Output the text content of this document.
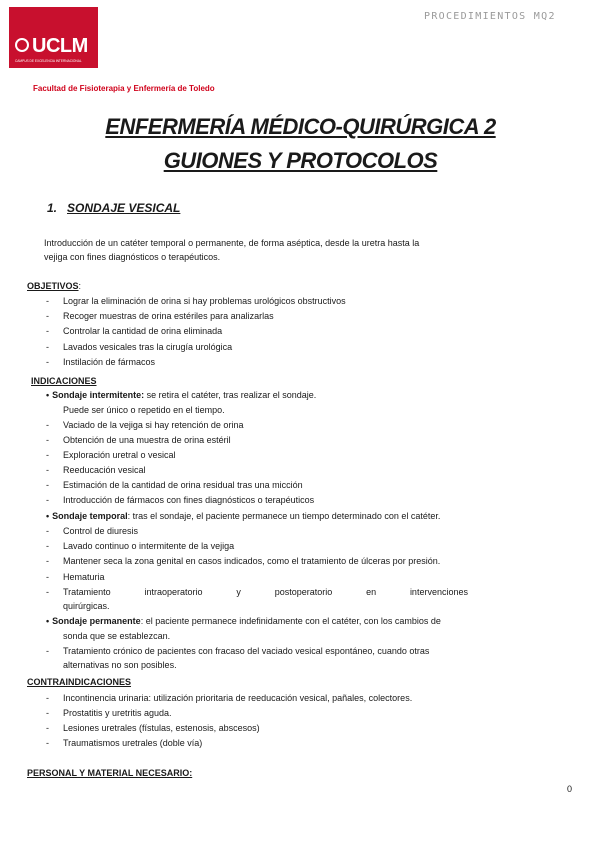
UCLM
CAMPUS DE EXCELENCIA INTERNACIONAL
PROCEDIMIENTOS MQ2
Facultad de Fisioterapia y Enfermería de Toledo
ENFERMERÍA MÉDICO-QUIRÚRGICA 2
GUIONES Y PROTOCOLOS
1. SONDAJE VESICAL
Introducción de un catéter temporal o permanente, de forma aséptica, desde la uretra hasta la
vejiga con fines diagnósticos o terapéuticos.
OBJETIVOS:
- Lograr la eliminación de orina si hay problemas urológicos obstructivos
- Recoger muestras de orina estériles para analizarlas
- Controlar la cantidad de orina eliminada
- Lavados vesicales tras la cirugía urológica
- Instilación de fármacos
INDICACIONES
• Sondaje intermitente: se retira el catéter, tras realizar el sondaje.
Puede ser único o repetido en el tiempo.
- Vaciado de la vejiga si hay retención de orina
- Obtención de una muestra de orina estéril
- Exploración uretral o vesical
- Reeducación vesical
- Estimación de la cantidad de orina residual tras una micción
- Introducción de fármacos con fines diagnósticos o terapéuticos
• Sondaje temporal: tras el sondaje, el paciente permanece un tiempo determinado con el catéter.
- Control de diuresis
- Lavado continuo o intermitente de la vejiga
- Mantener seca la zona genital en casos indicados, como el tratamiento de úlceras por presión.
- Hematuria
- Tratamiento	intraoperatorio	y	postoperatorio	en	intervenciones
quirúrgicas.
• Sondaje permanente: el paciente permanece indefinidamente con el catéter, con los cambios de
sonda que se establezcan.
- Tratamiento crónico de pacientes con fracaso del vaciado vesical espontáneo, cuando otras
alternativas no son posibles.
CONTRAINDICACIONES
- Incontinencia urinaria: utilización prioritaria de reeducación vesical, pañales, colectores.
- Prostatitis y uretritis aguda.
- Lesiones uretrales (fístulas, estenosis, abscesos)
- Traumatismos uretrales (doble vía)
PERSONAL Y MATERIAL NECESARIO:
0
